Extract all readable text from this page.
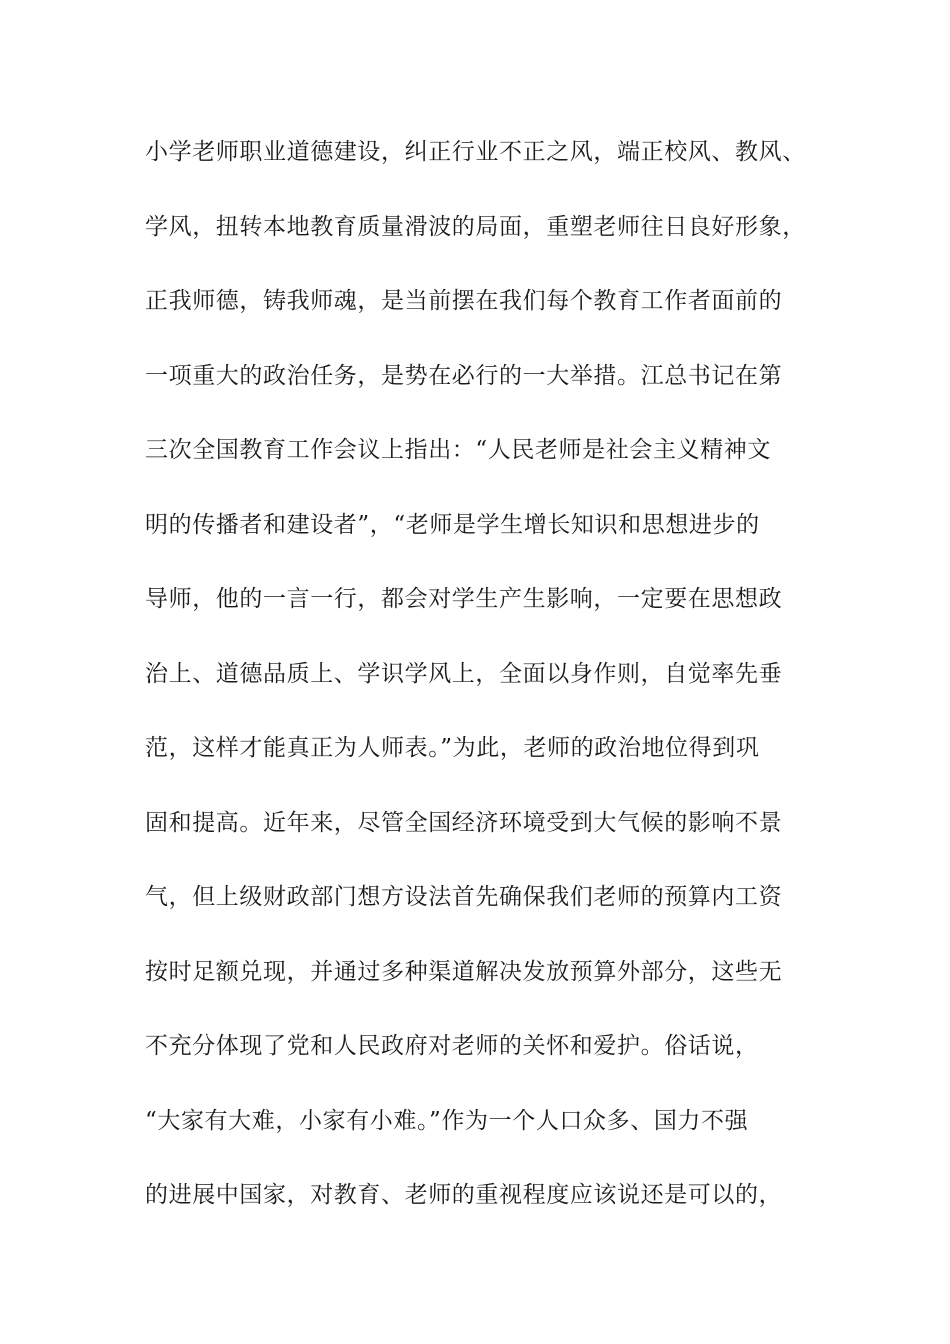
小学老师职业道德建设，纠正行业不正之风，端正校风、教风、
学风，扭转本地教育质量滑波的局面，重塑老师往日良好形象，
正我师德，铸我师魂，是当前摆在我们每个教育工作者面前的
一项重大的政治任务，是势在必行的一大举措。江总书记在第
三次全国教育工作会议上指出：“人民老师是社会主义精神文
明的传播者和建设者”，“老师是学生增长知识和思想进步的
导师，他的一言一行，都会对学生产生影响，一定要在思想政
治上、道德品质上、学识学风上，全面以身作则，自觉率先垂
范，这样才能真正为人师表。”为此，老师的政治地位得到巩
固和提高。近年来，尽管全国经济环境受到大气候的影响不景
气，但上级财政部门想方设法首先确保我们老师的预算内工资
按时足额兑现，并通过多种渠道解决发放预算外部分，这些无
不充分体现了党和人民政府对老师的关怀和爱护。俗话说，
“大家有大难，小家有小难。”作为一个人口众多、国力不强
的进展中国家，对教育、老师的重视程度应该说还是可以的，
